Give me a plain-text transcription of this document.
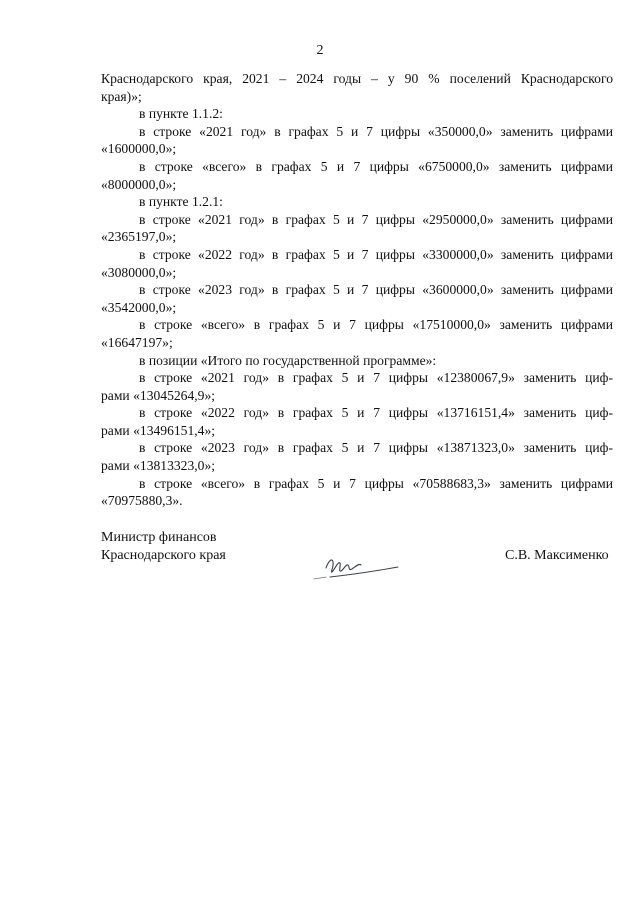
2
Краснодарского края, 2021 – 2024 годы – у 90 % поселений Краснодарского
края)»;
в пункте 1.1.2:
в строке «2021 год» в графах 5 и 7 цифры «350000,0» заменить цифрами
«1600000,0»;
в строке «всего» в графах 5 и 7 цифры «6750000,0» заменить цифрами
«8000000,0»;
в пункте 1.2.1:
в строке «2021 год» в графах 5 и 7 цифры «2950000,0» заменить цифрами
«2365197,0»;
в строке «2022 год» в графах 5 и 7 цифры «3300000,0» заменить цифрами
«3080000,0»;
в строке «2023 год» в графах 5 и 7 цифры «3600000,0» заменить цифрами
«3542000,0»;
в строке «всего» в графах 5 и 7 цифры «17510000,0» заменить цифрами
«16647197»;
в позиции «Итого по государственной программе»:
в строке «2021 год» в графах 5 и 7 цифры «12380067,9» заменить циф-
рами «13045264,9»;
в строке «2022 год» в графах 5 и 7 цифры «13716151,4» заменить циф-
рами «13496151,4»;
в строке «2023 год» в графах 5 и 7 цифры «13871323,0» заменить циф-
рами «13813323,0»;
в строке «всего» в графах 5 и 7 цифры «70588683,3» заменить цифрами
«70975880,3».
Министр финансов
Краснодарского края	С.В. Максименко
